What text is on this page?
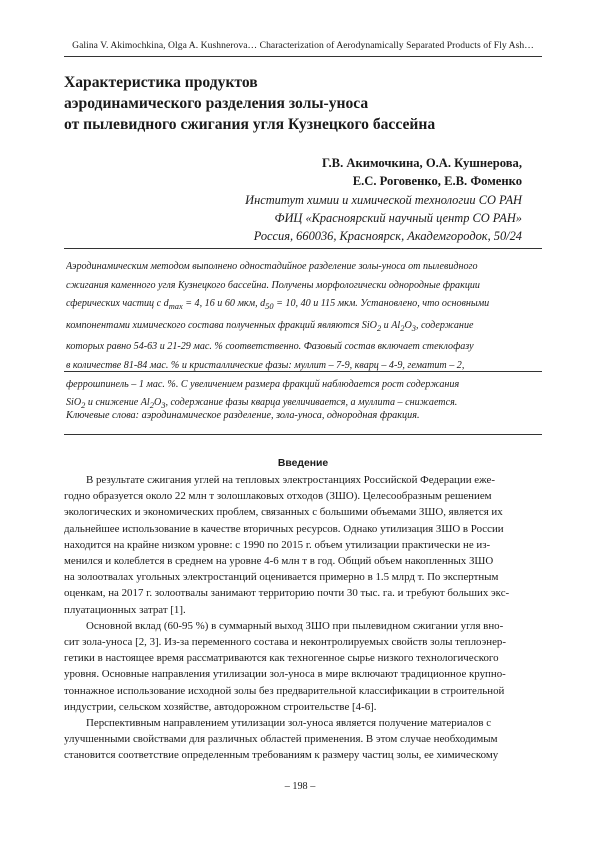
Galina V. Akimochkina, Olga A. Kushnerova… Characterization of Aerodynamically Separated Products of Fly Ash…
Характеристика продуктов
аэродинамического разделения золы-уноса
от пылевидного сжигания угля Кузнецкого бассейна
Г.В. Акимочкина, О.А. Кушнерова,
Е.С. Роговенко, Е.В. Фоменко
Институт химии и химической технологии СО РАН
ФИЦ «Красноярский научный центр СО РАН»
Россия, 660036, Красноярск, Академгородок, 50/24
Аэродинамическим методом выполнено одностадийное разделение золы-уноса от пылевидного
сжигания каменного угля Кузнецкого бассейна. Получены морфологически однородные фракции
сферических частиц с $d_{max} = 4$, 16 и 60 мкм, $d_{50} = 10$, 40 и 115 мкм. Установлено, что основными
компонентами химического состава полученных фракций являются SiO$_2$ и $Al_2O_3$, содержание
которых равно 54-63 и 21-29 мас. % соответственно. Фазовый состав включает стеклофазу
в количестве 81-84 мас. % и кристаллические фазы: муллит – 7-9, кварц – 4-9, гематит – 2,
феррошпинель – 1 мас. %. С увеличением размера фракций наблюдается рост содержания
SiO$_2$ и снижение $Al_2O_3$, содержание фазы кварца увеличивается, а муллита – снижается.
Ключевые слова: аэродинамическое разделение, зола-уноса, однородная фракция.
Введение
В результате сжигания углей на тепловых электростанциях Российской Федерации еже-
годно образуется около 22 млн т золошлаковых отходов (ЗШО). Целесообразным решением
экологических и экономических проблем, связанных с большими объемами ЗШО, является их
дальнейшее использование в качестве вторичных ресурсов. Однако утилизация ЗШО в России
находится на крайне низком уровне: с 1990 по 2015 г. объем утилизации практически не из-
менился и колеблется в среднем на уровне 4-6 млн т в год. Общий объем накопленных ЗШО
на золоотвалах угольных электростанций оценивается примерно в 1.5 млрд т. По экспертным
оценкам, на 2017 г. золоотвалы занимают территорию почти 30 тыс. га. и требуют больших экс-
плуатационных затрат [1].
Основной вклад (60-95 %) в суммарный выход ЗШО при пылевидном сжигании угля вно-
сит зола-уноса [2, 3]. Из-за переменного состава и неконтролируемых свойств золы теплоэнер-
гетики в настоящее время рассматриваются как техногенное сырье низкого технологического
уровня. Основные направления утилизации зол-уноса в мире включают традиционное крупно-
тоннажное использование исходной золы без предварительной классификации в строительной
индустрии, сельском хозяйстве, автодорожном строительстве [4-6].
Перспективным направлением утилизации зол-уноса является получение материалов с
улучшенными свойствами для различных областей применения. В этом случае необходимым
становится соответствие определенным требованиям к размеру частиц золы, ее химическому
– 198 –
